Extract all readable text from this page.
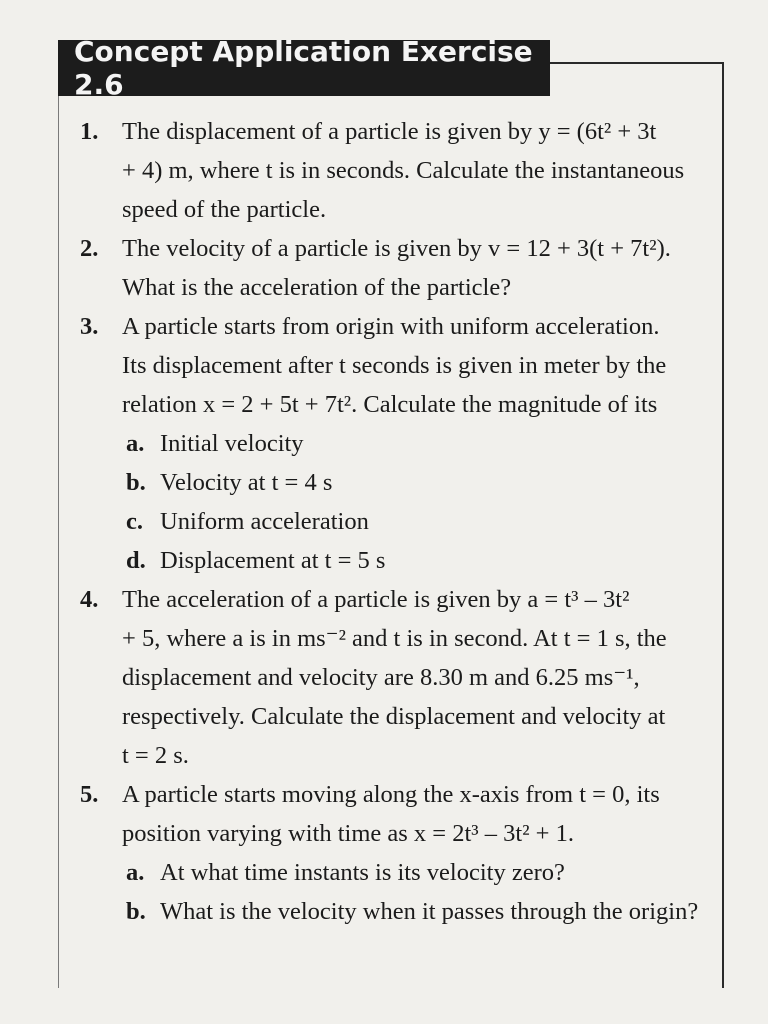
Concept Application Exercise 2.6
1. The displacement of a particle is given by y = (6t² + 3t
+ 4) m, where t is in seconds. Calculate the instantaneous
speed of the particle.
2. The velocity of a particle is given by v = 12 + 3(t + 7t²).
What is the acceleration of the particle?
3. A particle starts from origin with uniform acceleration.
Its displacement after t seconds is given in meter by the
relation x = 2 + 5t + 7t². Calculate the magnitude of its
a. Initial velocity
b. Velocity at t = 4 s
c. Uniform acceleration
d. Displacement at t = 5 s
4. The acceleration of a particle is given by a = t³ – 3t²
+ 5, where a is in ms⁻² and t is in second. At t = 1 s, the
displacement and velocity are 8.30 m and 6.25 ms⁻¹,
respectively. Calculate the displacement and velocity at
t = 2 s.
5. A particle starts moving along the x-axis from t = 0, its
position varying with time as x = 2t³ – 3t² + 1.
a. At what time instants is its velocity zero?
b. What is the velocity when it passes through the origin?
